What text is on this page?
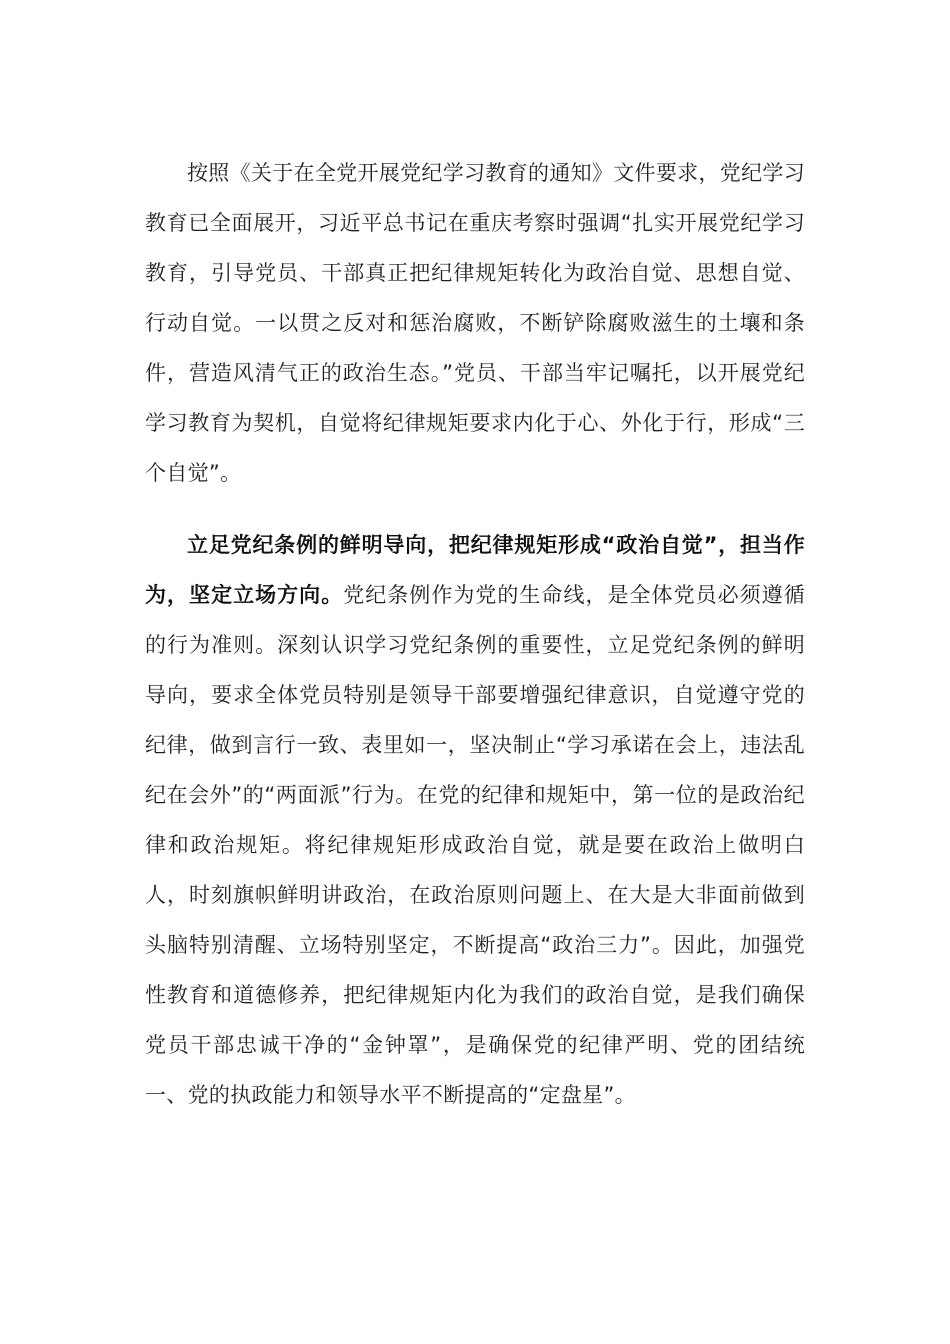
按照《关于在全党开展党纪学习教育的通知》文件要求，党纪学习教育已全面展开，习近平总书记在重庆考察时强调“扎实开展党纪学习教育，引导党员、干部真正把纪律规矩转化为政治自觉、思想自觉、行动自觉。一以贯之反对和惩治腐败，不断铲除腐败滋生的土壤和条件，营造风清气正的政治生态。”党员、干部当牢记嘱托，以开展党纪学习教育为契机，自觉将纪律规矩要求内化于心、外化于行，形成“三个自觉”。

立足党纪条例的鲜明导向，把纪律规矩形成“政治自觉”，担当作为，坚定立场方向。党纪条例作为党的生命线，是全体党员必须遵循的行为准则。深刻认识学习党纪条例的重要性，立足党纪条例的鲜明导向，要求全体党员特别是领导干部要增强纪律意识，自觉遵守党的纪律，做到言行一致、表里如一，坚决制止“学习承诺在会上，违法乱纪在会外”的“两面派”行为。在党的纪律和规矩中，第一位的是政治纪律和政治规矩。将纪律规矩形成政治自觉，就是要在政治上做明白人，时刻旗帜鲜明讲政治，在政治原则问题上、在大是大非面前做到头脑特别清醒、立场特别坚定，不断提高“政治三力”。因此，加强党性教育和道德修养，把纪律规矩内化为我们的政治自觉，是我们确保党员干部忠诚干净的“金钟罩”，是确保党的纪律严明、党的团结统一、党的执政能力和领导水平不断提高的“定盘星”。
